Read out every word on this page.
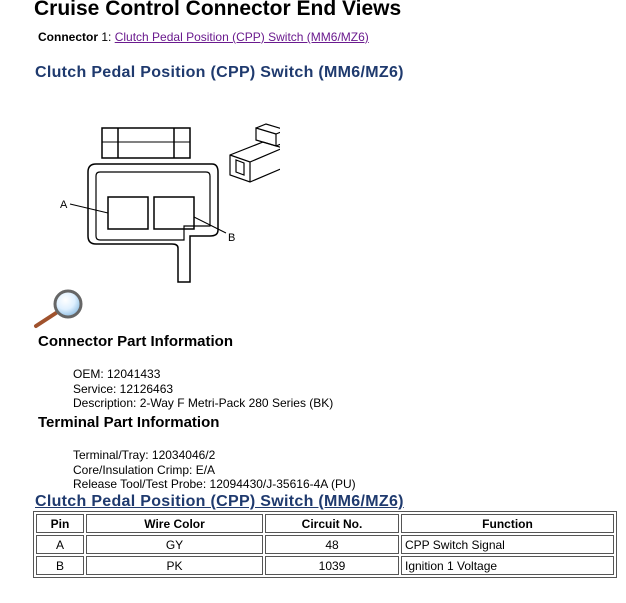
Cruise Control Connector End Views
Connector 1: Clutch Pedal Position (CPP) Switch (MM6/MZ6)
Clutch Pedal Position (CPP) Switch (MM6/MZ6)
A
B
Connector Part Information
OEM: 12041433
Service: 12126463
Description: 2-Way F Metri-Pack 280 Series (BK)
Terminal Part Information
Terminal/Tray: 12034046/2
Core/Insulation Crimp: E/A
Release Tool/Test Probe: 12094430/J-35616-4A (PU)
Clutch Pedal Position (CPP) Switch (MM6/MZ6)
Pin	Wire Color	Circuit No.	Function
A	GY	48	CPP Switch Signal
B	PK	1039	Ignition 1 Voltage
